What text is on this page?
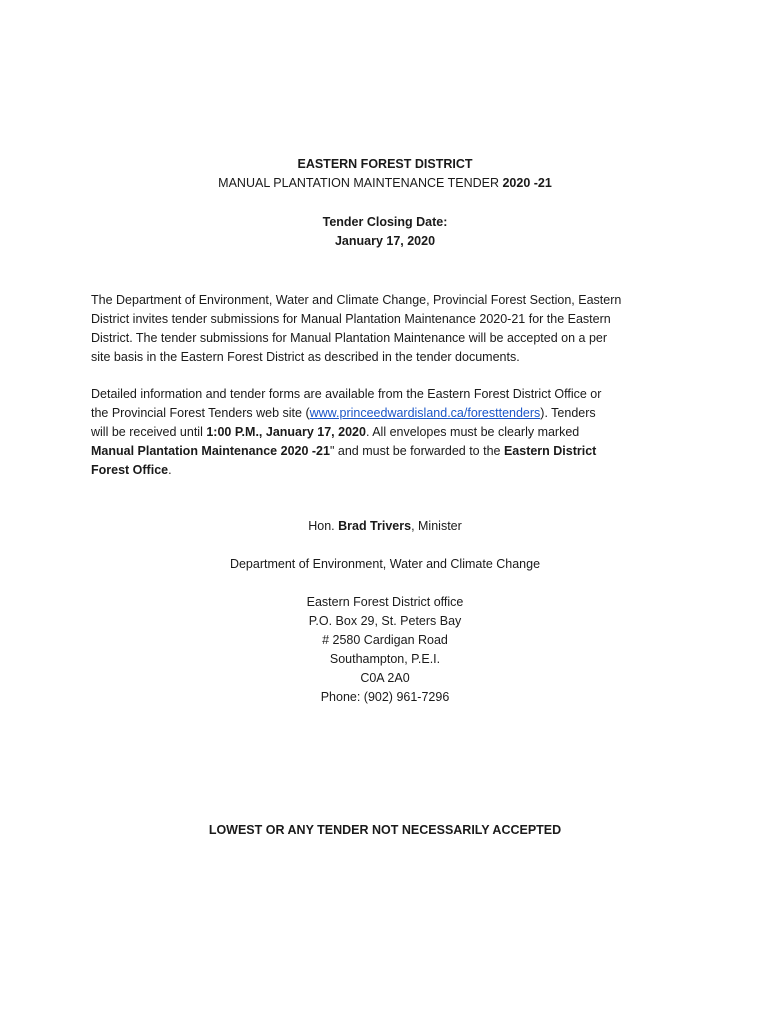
EASTERN FOREST DISTRICT
MANUAL PLANTATION MAINTENANCE TENDER 2020 -21
Tender Closing Date:
January 17, 2020
The Department of Environment, Water and Climate Change, Provincial Forest Section, Eastern
District invites tender submissions for Manual Plantation Maintenance 2020-21 for the Eastern
District. The tender submissions for Manual Plantation Maintenance will be accepted on a per
site basis in the Eastern Forest District as described in the tender documents.
Detailed information and tender forms are available from the Eastern Forest District Office or
the Provincial Forest Tenders web site (www.princeedwardisland.ca/foresttenders). Tenders
will be received until 1:00 P.M., January 17, 2020. All envelopes must be clearly marked
Manual Plantation Maintenance 2020 -21" and must be forwarded to the Eastern District
Forest Office.
Hon. Brad Trivers, Minister
Department of Environment, Water and Climate Change
Eastern Forest District office
P.O. Box 29, St. Peters Bay
# 2580 Cardigan Road
Southampton, P.E.I.
C0A 2A0
Phone: (902) 961-7296
LOWEST OR ANY TENDER NOT NECESSARILY ACCEPTED
